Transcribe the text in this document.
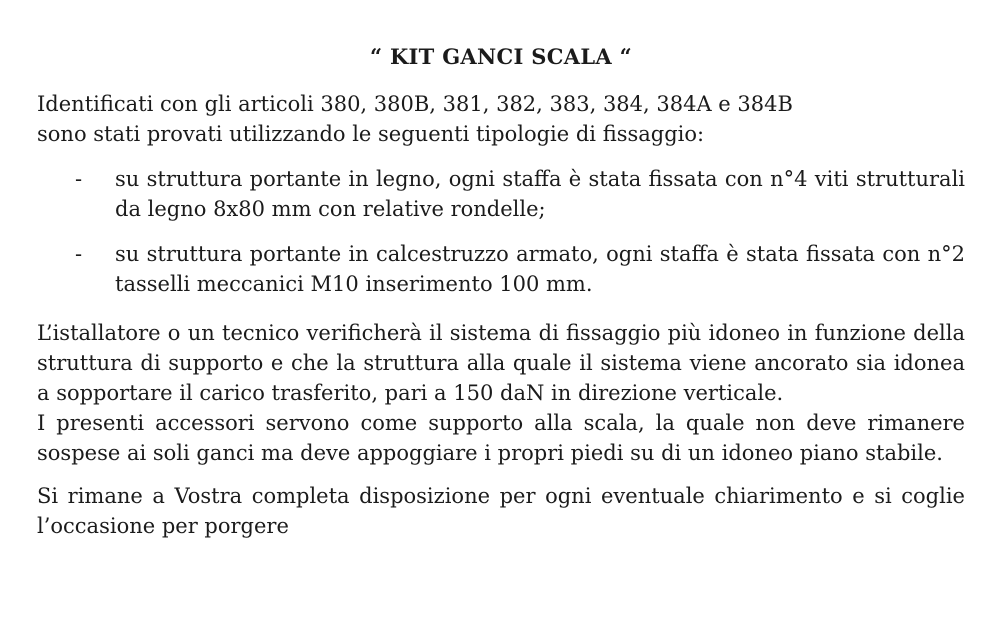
“ KIT GANCI SCALA “

Identificati con gli articoli 380, 380B, 381, 382, 383, 384, 384A e 384B
sono stati provati utilizzando le seguenti tipologie di fissaggio:

-	su struttura portante in legno, ogni staffa è stata fissata con n°4 viti strutturali da legno 8x80 mm con relative rondelle;
-	su struttura portante in calcestruzzo armato, ogni staffa è stata fissata con n°2 tasselli meccanici M10 inserimento 100 mm.

L’istallatore o un tecnico verificherà il sistema di fissaggio più idoneo in funzione della struttura di supporto e che la struttura alla quale il sistema viene ancorato sia idonea a sopportare il carico trasferito, pari a 150 daN in direzione verticale.
I presenti accessori servono come supporto alla scala, la quale non deve rimanere sospese ai soli ganci ma deve appoggiare i propri piedi su di un idoneo piano stabile.

Si rimane a Vostra completa disposizione per ogni eventuale chiarimento e si coglie l’occasione per porgere
